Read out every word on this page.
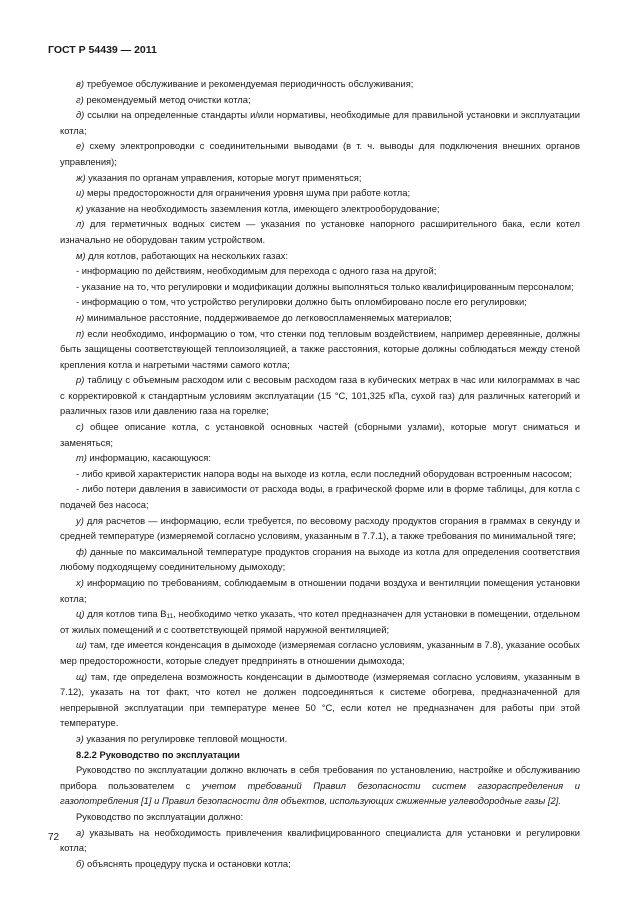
ГОСТ Р 54439 — 2011

в) требуемое обслуживание и рекомендуемая периодичность обслуживания;

г) рекомендуемый метод очистки котла;

д) ссылки на определенные стандарты и/или нормативы, необходимые для правильной установки и эксплуатации котла;

е) схему электропроводки с соединительными выводами (в т. ч. выводы для подключения внешних органов управления);

ж) указания по органам управления, которые могут применяться;

и) меры предосторожности для ограничения уровня шума при работе котла;

к) указание на необходимость заземления котла, имеющего электрооборудование;

л) для герметичных водных систем — указания по установке напорного расширительного бака, если котел изначально не оборудован таким устройством.

м) для котлов, работающих на нескольких газах:

- информацию по действиям, необходимым для перехода с одного газа на другой;

- указание на то, что регулировки и модификации должны выполняться только квалифицированным персоналом;

- информацию о том, что устройство регулировки должно быть опломбировано после его регулировки;

н) минимальное расстояние, поддерживаемое до легковоспламеняемых материалов;

п) если необходимо, информацию о том, что стенки под тепловым воздействием, например деревянные, должны быть защищены соответствующей теплоизоляцией, а также расстояния, которые должны соблюдаться между стеной крепления котла и нагретыми частями самого котла;

р) таблицу с объемным расходом или с весовым расходом газа в кубических метрах в час или килограммах в час с корректировкой к стандартным условиям эксплуатации (15 °С, 101,325 кПа, сухой газ) для различных категорий и различных газов или давлению газа на горелке;

с) общее описание котла, с установкой основных частей (сборными узлами), которые могут сниматься и заменяться;

т) информацию, касающуюся:

- либо кривой характеристик напора воды на выходе из котла, если последний оборудован встроенным насосом;

- либо потери давления в зависимости от расхода воды, в графической форме или в форме таблицы, для котла с подачей без насоса;

у) для расчетов — информацию, если требуется, по весовому расходу продуктов сгорания в граммах в секунду и средней температуре (измеряемой согласно условиям, указанным в 7.7.1), а также требования по минимальной тяге;

ф) данные по максимальной температуре продуктов сгорания на выходе из котла для определения соответствия любому подходящему соединительному дымоходу;

х) информацию по требованиям, соблюдаемым в отношении подачи воздуха и вентиляции помещения установки котла;

ц) для котлов типа $B_{11}$, необходимо четко указать, что котел предназначен для установки в помещении, отдельном от жилых помещений и с соответствующей прямой наружной вентиляцией;

ш) там, где имеется конденсация в дымоходе (измеряемая согласно условиям, указанным в 7.8), указание особых мер предосторожности, которые следует предпринять в отношении дымохода;

щ) там, где определена возможность конденсации в дымоотводе (измеряемая согласно условиям, указанным в 7.12), указать на тот факт, что котел не должен подсоединяться к системе обогрева, предназначенной для непрерывной эксплуатации при температуре менее 50 °С, если котел не предназначен для работы при этой температуре.

э) указания по регулировке тепловой мощности.

8.2.2 Руководство по эксплуатации

Руководство по эксплуатации должно включать в себя требования по установлению, настройке и обслуживанию прибора пользователем с учетом требований Правил безопасности систем газораспределения и газопотребления [1] и Правил безопасности для объектов, использующих сжиженные углеводородные газы [2].

Руководство по эксплуатации должно:

а) указывать на необходимость привлечения квалифицированного специалиста для установки и регулировки котла;

б) объяснять процедуру пуска и остановки котла;

72
